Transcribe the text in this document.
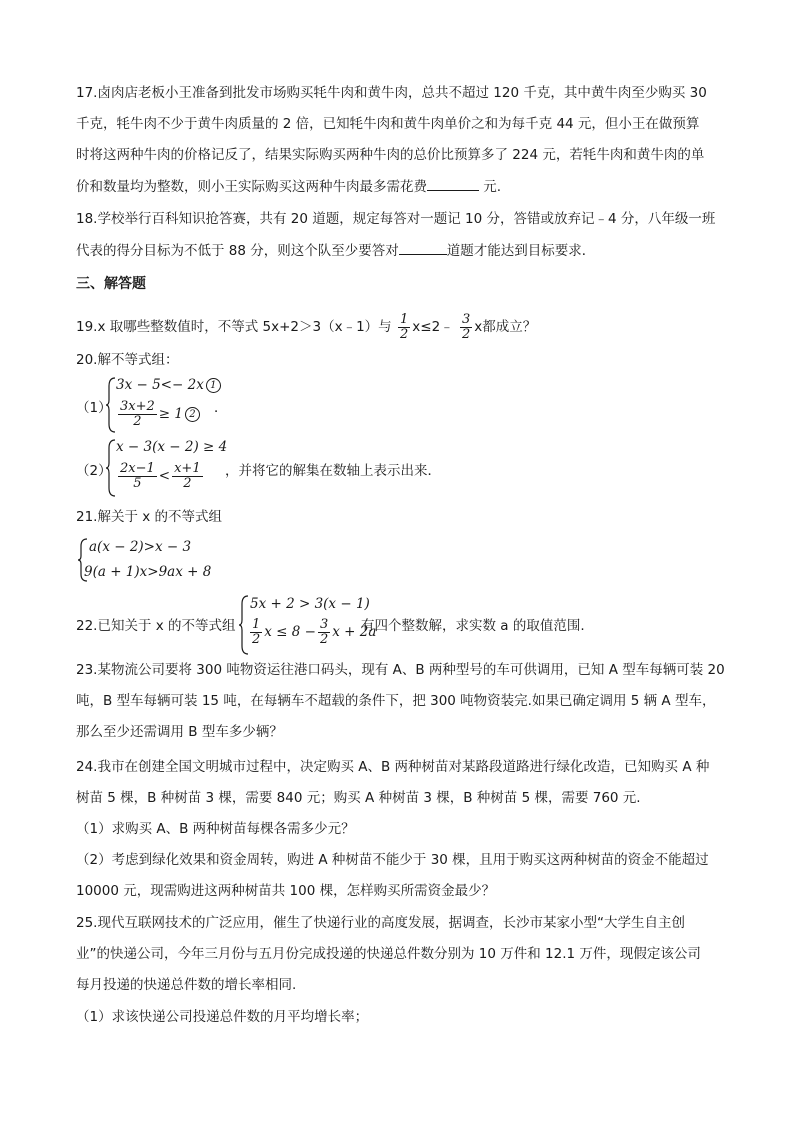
17.卤肉店老板小王准备到批发市场购买牦牛肉和黄牛肉，总共不超过 120 千克，其中黄牛肉至少购买 30
千克，牦牛肉不少于黄牛肉质量的 2 倍，已知牦牛肉和黄牛肉单价之和为每千克 44 元，但小王在做预算
时将这两种牛肉的价格记反了，结果实际购买两种牛肉的总价比预算多了 224 元，若牦牛肉和黄牛肉的单
价和数量均为整数，则小王实际购买这两种牛肉最多需花费	元.
18.学校举行百科知识抢答赛，共有 20 道题，规定每答对一题记 10 分，答错或放弃记﹣4 分，八年级一班
代表的得分目标为不低于 88 分，则这个队至少要答对	道题才能达到目标要求．
三、解答题
19.x 取哪些整数值时，不等式 5x+2＞3（x﹣1）与 $\frac{1}{2}$ x≤2﹣ $\frac{3}{2}$ x都成立？
20.解不等式组：
（1）
3x − 5<− 2x 1
$\frac{3x+2}{2} \ge 1$ 2	．
（2）
x − 3(x − 2) ≥ 4
$\frac{2x-1}{5} < \frac{x+1}{2}$ ，并将它的解集在数轴上表示出来．
21.解关于 x 的不等式组
a(x − 2)>x − 3
9(a + 1)x>9ax + 8
22.已知关于 x 的不等式组
5x + 2 > 3(x − 1)
$\frac{1}{2}$ $x \le 8 - \frac{3}{2}$ x + 2a
有四个整数解，求实数 a 的取值范围.
23.某物流公司要将 300 吨物资运往港口码头，现有 A、B 两种型号的车可供调用，已知 A 型车每辆可装 20
吨，B 型车每辆可装 15 吨，在每辆车不超载的条件下，把 300 吨物资装完.如果已确定调用 5 辆 A 型车，
那么至少还需调用 B 型车多少辆？
24.我市在创建全国文明城市过程中，决定购买 A、B 两种树苗对某路段道路进行绿化改造，已知购买 A 种
树苗 5 棵，B 种树苗 3 棵，需要 840 元；购买 A 种树苗 3 棵，B 种树苗 5 棵，需要 760 元.
（1）求购买 A、B 两种树苗每棵各需多少元？
（2）考虑到绿化效果和资金周转，购进 A 种树苗不能少于 30 棵，且用于购买这两种树苗的资金不能超过
10000 元，现需购进这两种树苗共 100 棵，怎样购买所需资金最少？
25.现代互联网技术的广泛应用，催生了快递行业的高度发展，据调查，长沙市某家小型“大学生自主创
业”的快递公司，今年三月份与五月份完成投递的快递总件数分别为 10 万件和 12.1 万件，现假定该公司
每月投递的快递总件数的增长率相同.
（1）求该快递公司投递总件数的月平均增长率；
